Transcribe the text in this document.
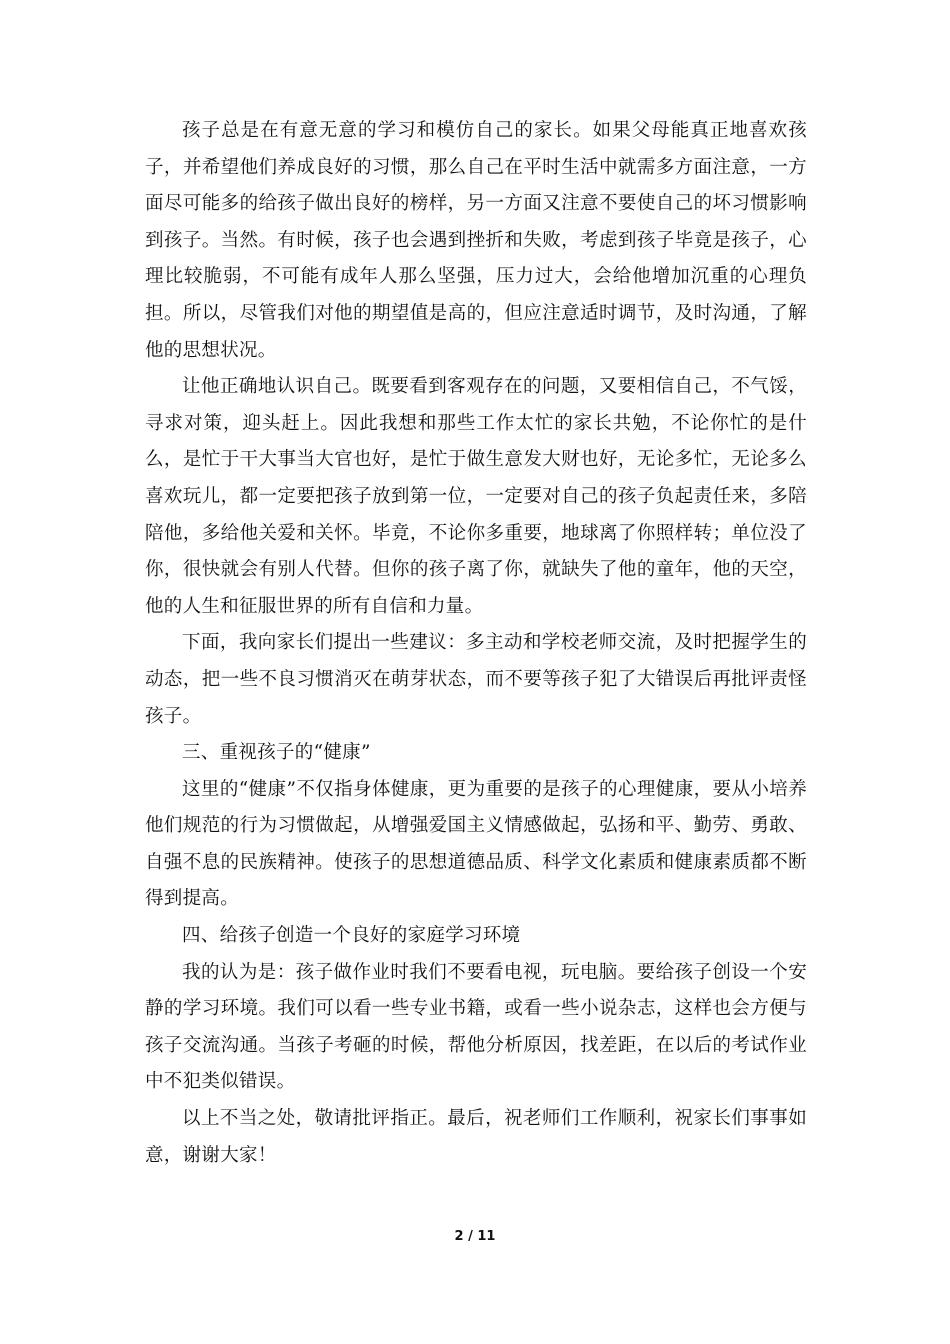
孩子总是在有意无意的学习和模仿自己的家长。如果父母能真正地喜欢孩子，并希望他们养成良好的习惯，那么自己在平时生活中就需多方面注意，一方面尽可能多的给孩子做出良好的榜样，另一方面又注意不要使自己的坏习惯影响到孩子。当然。有时候，孩子也会遇到挫折和失败，考虑到孩子毕竟是孩子，心理比较脆弱，不可能有成年人那么坚强，压力过大，会给他增加沉重的心理负担。所以，尽管我们对他的期望值是高的，但应注意适时调节，及时沟通，了解他的思想状况。

让他正确地认识自己。既要看到客观存在的问题，又要相信自己，不气馁，寻求对策，迎头赶上。因此我想和那些工作太忙的家长共勉，不论你忙的是什么，是忙于干大事当大官也好，是忙于做生意发大财也好，无论多忙，无论多么喜欢玩儿，都一定要把孩子放到第一位，一定要对自己的孩子负起责任来，多陪陪他，多给他关爱和关怀。毕竟，不论你多重要，地球离了你照样转；单位没了你，很快就会有别人代替。但你的孩子离了你，就缺失了他的童年，他的天空，他的人生和征服世界的所有自信和力量。

下面，我向家长们提出一些建议：多主动和学校老师交流，及时把握学生的动态，把一些不良习惯消灭在萌芽状态，而不要等孩子犯了大错误后再批评责怪孩子。

三、重视孩子的“健康”

这里的“健康”不仅指身体健康，更为重要的是孩子的心理健康，要从小培养他们规范的行为习惯做起，从增强爱国主义情感做起，弘扬和平、勤劳、勇敢、自强不息的民族精神。使孩子的思想道德品质、科学文化素质和健康素质都不断得到提高。

四、给孩子创造一个良好的家庭学习环境

我的认为是：孩子做作业时我们不要看电视，玩电脑。要给孩子创设一个安静的学习环境。我们可以看一些专业书籍，或看一些小说杂志，这样也会方便与孩子交流沟通。当孩子考砸的时候，帮他分析原因，找差距，在以后的考试作业中不犯类似错误。

以上不当之处，敬请批评指正。最后，祝老师们工作顺利，祝家长们事事如意，谢谢大家！

2 / 11
